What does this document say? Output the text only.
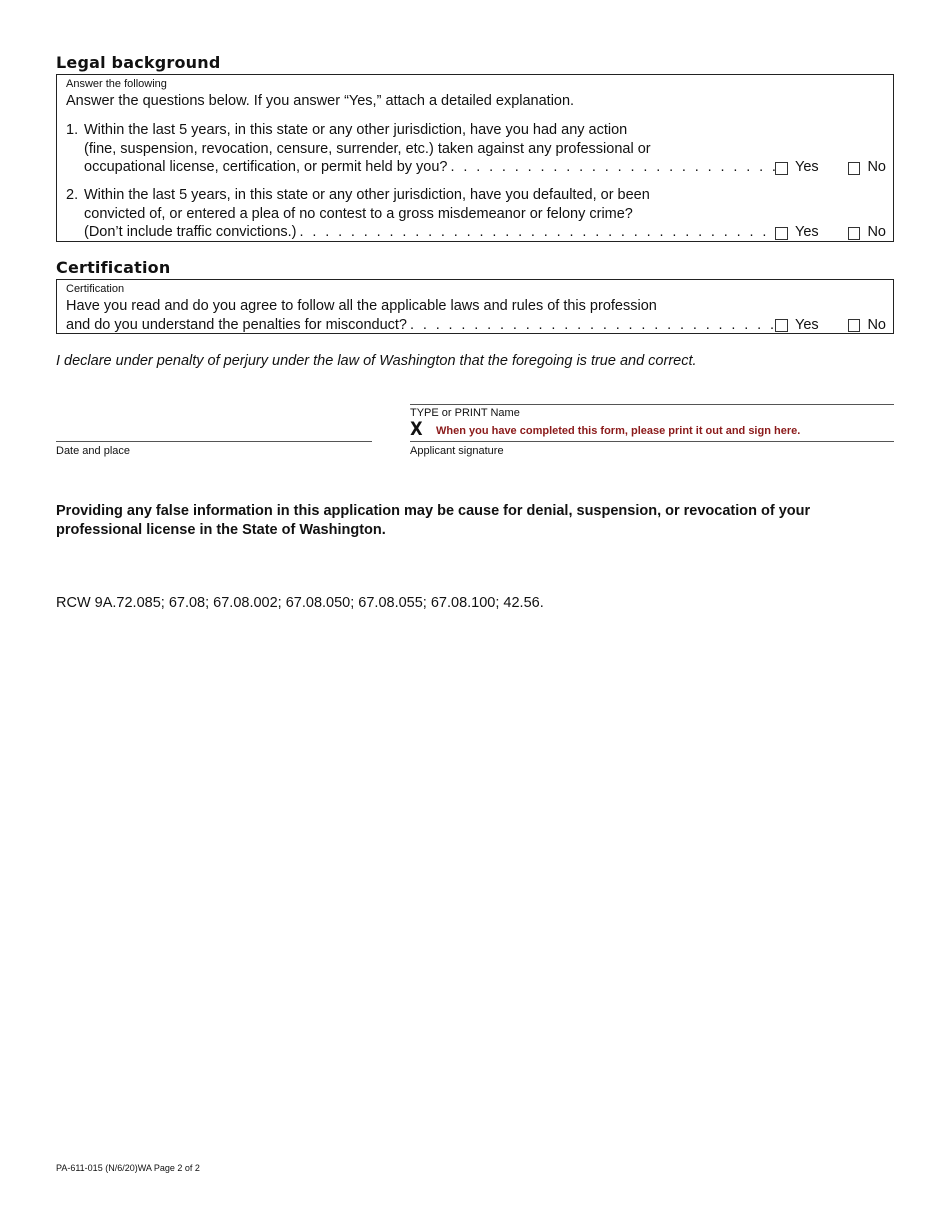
Legal background
Answer the following
Answer the questions below. If you answer “Yes,” attach a detailed explanation.
1. Within the last 5 years, in this state or any other jurisdiction, have you had any action
(fine, suspension, revocation, censure, surrender, etc.) taken against any professional or
occupational license, certification, or permit held by you? . . .	Yes	No
2. Within the last 5 years, in this state or any other jurisdiction, have you defaulted, or been
convicted of, or entered a plea of no contest to a gross misdemeanor or felony crime?
(Don’t include traffic convictions.) . . .	Yes	No
Certification
Certification
Have you read and do you agree to follow all the applicable laws and rules of this profession
and do you understand the penalties for misconduct? . . .	Yes	No
I declare under penalty of perjury under the law of Washington that the foregoing is true and correct.
TYPE or PRINT Name
X When you have completed this form, please print it out and sign here.
Date and place	Applicant signature
Providing any false information in this application may be cause for denial, suspension, or revocation of your professional license in the State of Washington.
RCW 9A.72.085; 67.08; 67.08.002; 67.08.050; 67.08.055; 67.08.100; 42.56.
PA-611-015 (N/6/20)WA Page 2 of 2
